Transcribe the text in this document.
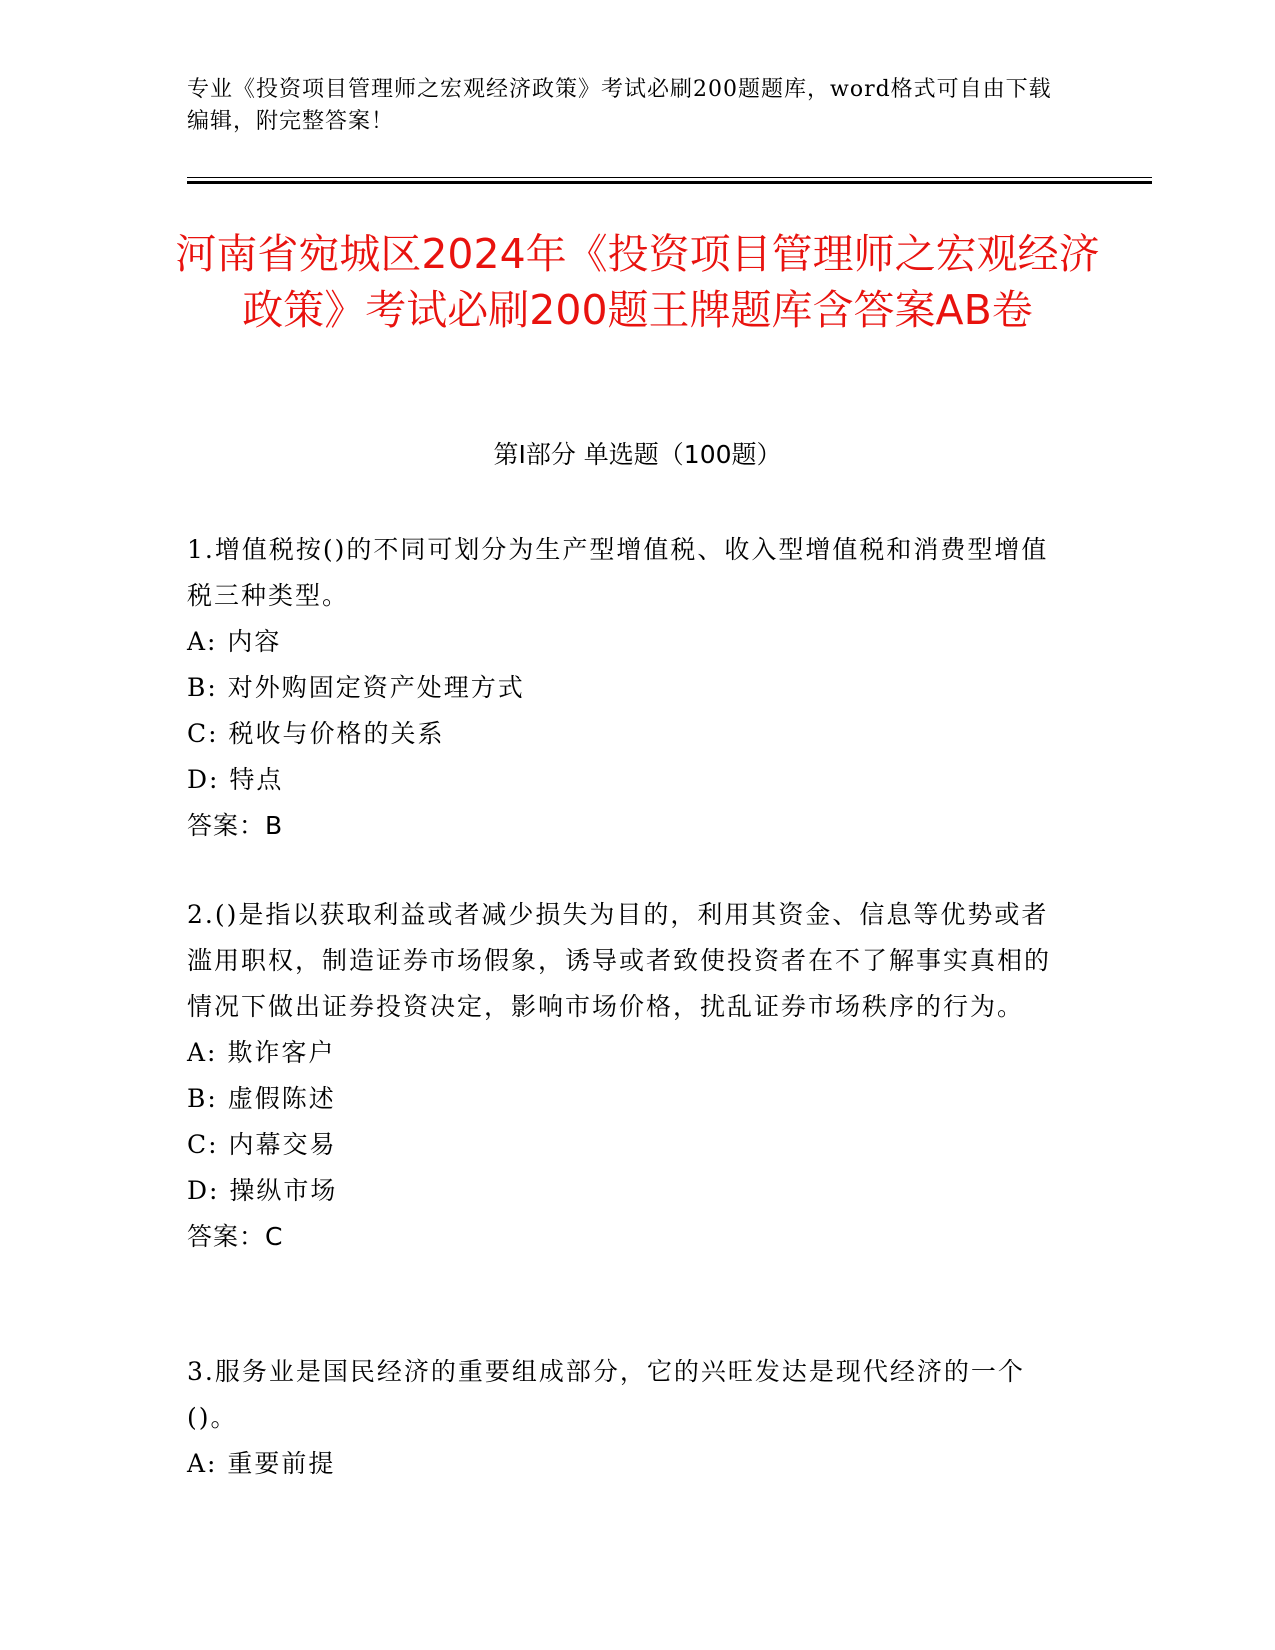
专业《投资项目管理师之宏观经济政策》考试必刷200题题库，word格式可自由下载编辑，附完整答案！
河南省宛城区2024年《投资项目管理师之宏观经济政策》考试必刷200题王牌题库含答案AB卷
第I部分 单选题（100题）
1.增值税按()的不同可划分为生产型增值税、收入型增值税和消费型增值税三种类型。
A: 内容
B: 对外购固定资产处理方式
C: 税收与价格的关系
D: 特点
答案：B
2.()是指以获取利益或者减少损失为目的，利用其资金、信息等优势或者滥用职权，制造证券市场假象，诱导或者致使投资者在不了解事实真相的情况下做出证券投资决定，影响市场价格，扰乱证券市场秩序的行为。
A: 欺诈客户
B: 虚假陈述
C: 内幕交易
D: 操纵市场
答案：C
3.服务业是国民经济的重要组成部分，它的兴旺发达是现代经济的一个()。
A: 重要前提
